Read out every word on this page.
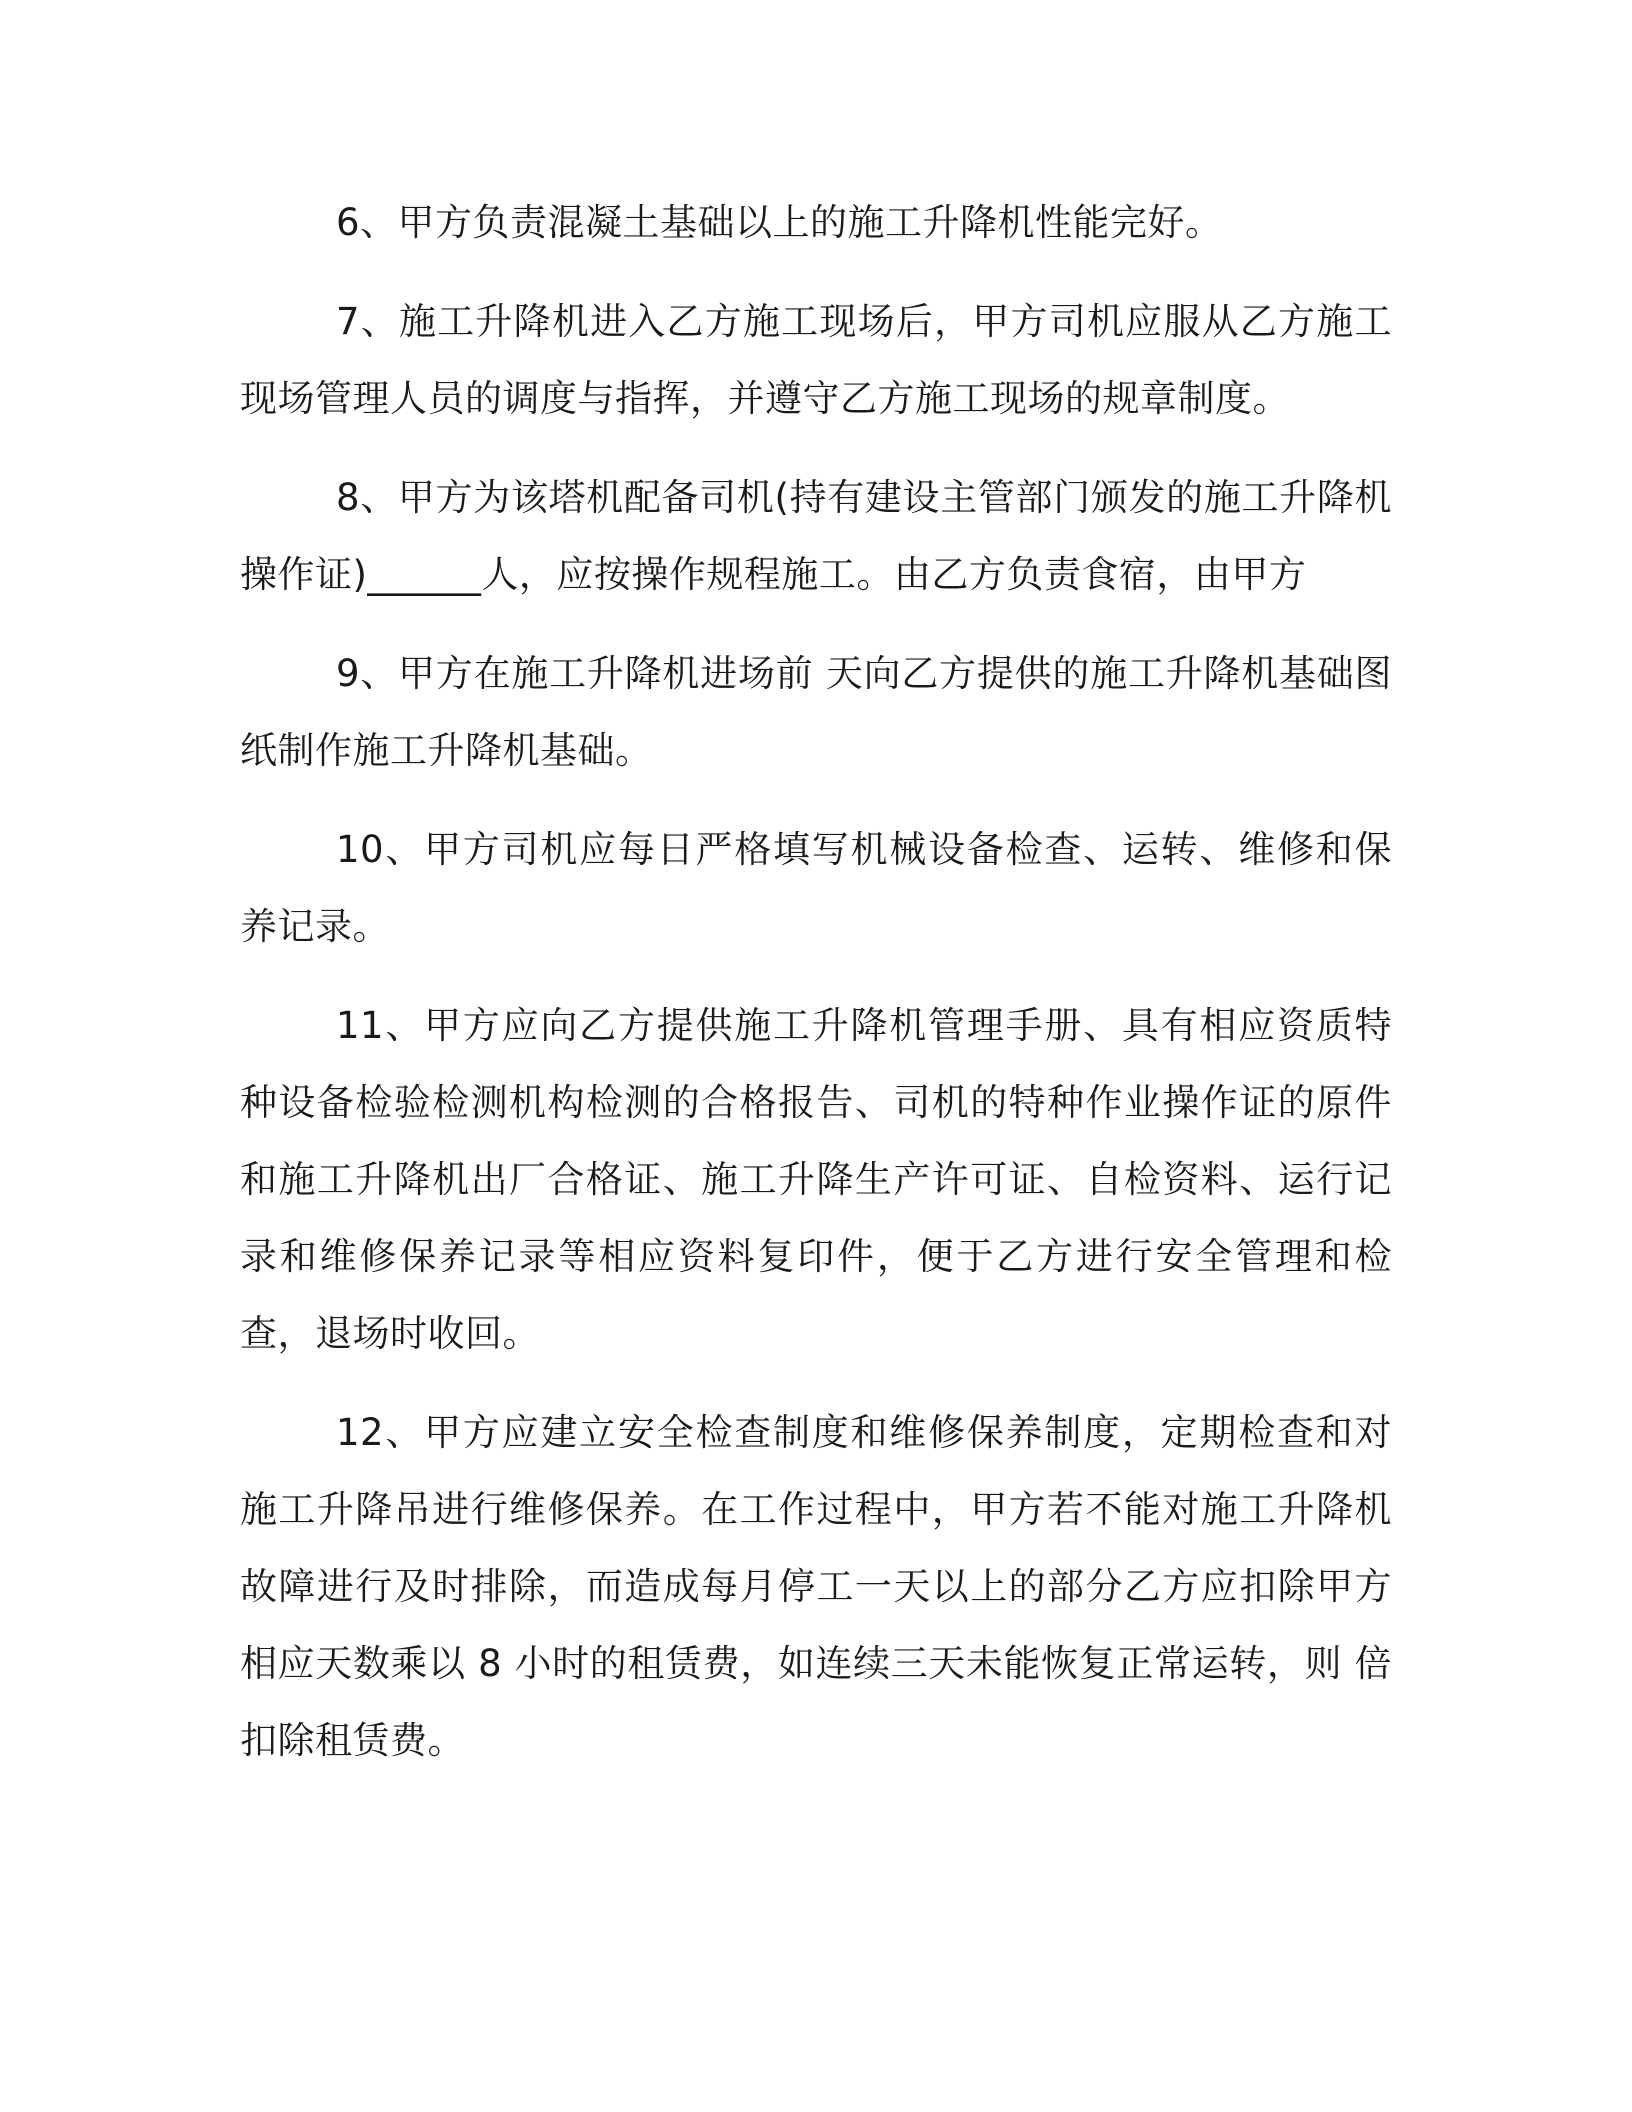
6、甲方负责混凝土基础以上的施工升降机性能完好。

7、施工升降机进入乙方施工现场后，甲方司机应服从乙方施工现场管理人员的调度与指挥，并遵守乙方施工现场的规章制度。

8、甲方为该塔机配备司机(持有建设主管部门颁发的施工升降机操作证)______人，应按操作规程施工。由乙方负责食宿，由甲方

9、甲方在施工升降机进场前 天向乙方提供的施工升降机基础图纸制作施工升降机基础。

10、甲方司机应每日严格填写机械设备检查、运转、维修和保养记录。

11、甲方应向乙方提供施工升降机管理手册、具有相应资质特种设备检验检测机构检测的合格报告、司机的特种作业操作证的原件和施工升降机出厂合格证、施工升降生产许可证、自检资料、运行记录和维修保养记录等相应资料复印件，便于乙方进行安全管理和检查，退场时收回。

12、甲方应建立安全检查制度和维修保养制度，定期检查和对施工升降吊进行维修保养。在工作过程中，甲方若不能对施工升降机故障进行及时排除，而造成每月停工一天以上的部分乙方应扣除甲方相应天数乘以 8 小时的租赁费，如连续三天未能恢复正常运转，则 倍扣除租赁费。
